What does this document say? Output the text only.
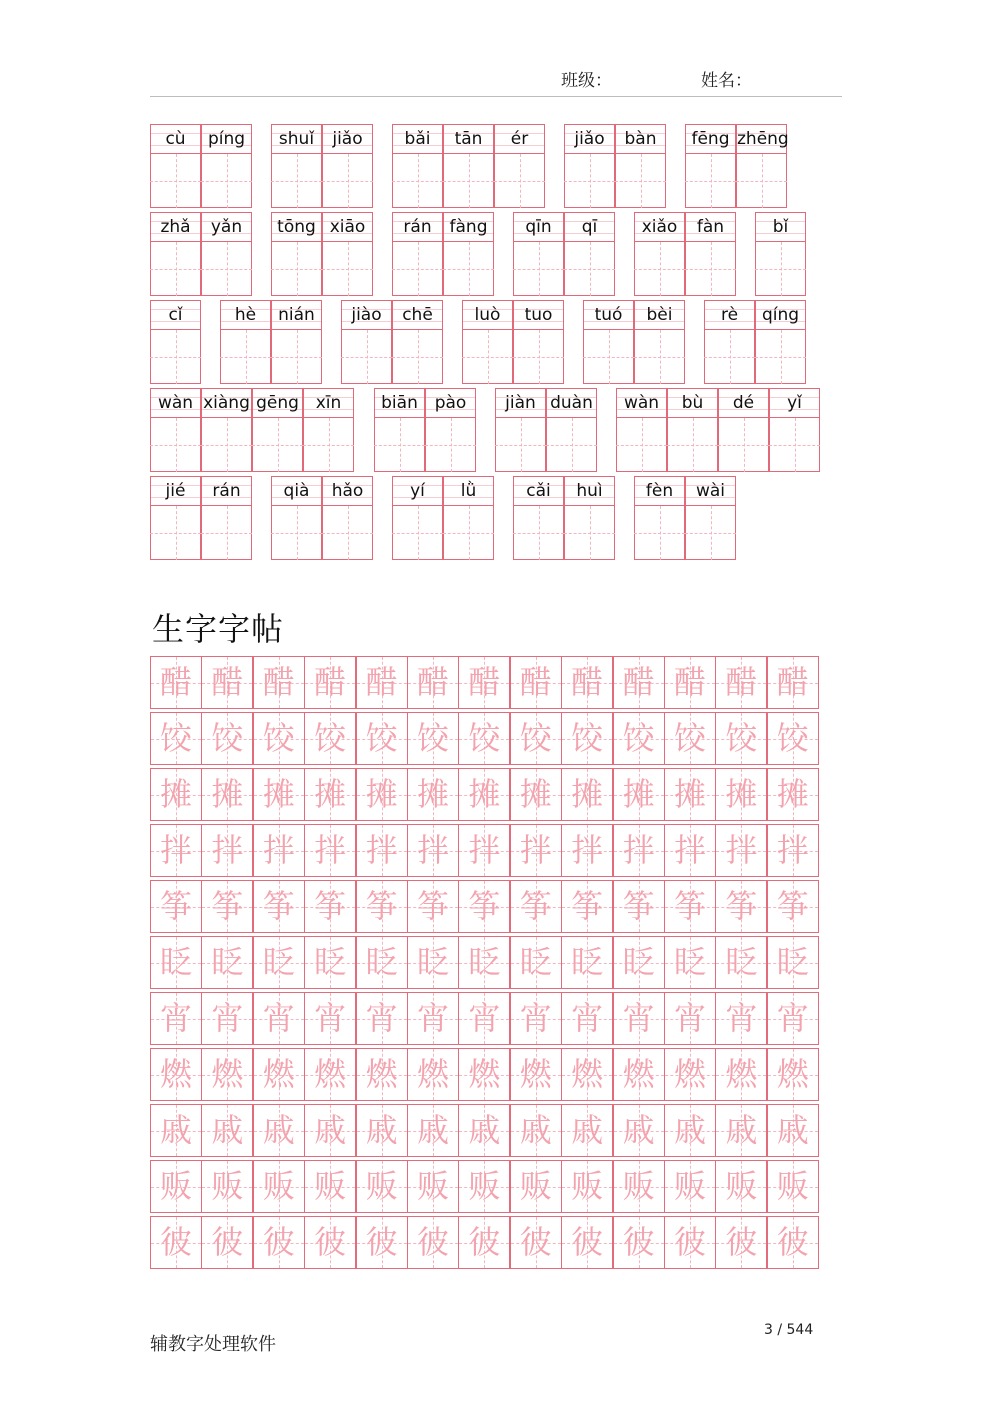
班级：	姓名：
cù	píng	shuǐ	jiǎo	bǎi	tān	ér	jiǎo	bàn	fēng zhēng
zhǎ	yǎn	tōng xiāo	rán	fàng	qīn	qī	xiǎo	fàn	bǐ
cǐ	hè	nián	jiào	chē	luò	tuo	tuó	bèi	rè	qíng
wàn xiàng gēng xīn	biān pào	jiàn duàn	wàn	bù	dé	yǐ
jié	rán	qià	hǎo	yí	lǜ	cǎi	huì	fèn	wài
生字字帖
醋 醋 醋 醋 醋 醋 醋 醋 醋 醋 醋 醋 醋
饺 饺 饺 饺 饺 饺 饺 饺 饺 饺 饺 饺 饺
摊 摊 摊 摊 摊 摊 摊 摊 摊 摊 摊 摊 摊
拌 拌 拌 拌 拌 拌 拌 拌 拌 拌 拌 拌 拌
筝 筝 筝 筝 筝 筝 筝 筝 筝 筝 筝 筝 筝
眨 眨 眨 眨 眨 眨 眨 眨 眨 眨 眨 眨 眨
宵 宵 宵 宵 宵 宵 宵 宵 宵 宵 宵 宵 宵
燃 燃 燃 燃 燃 燃 燃 燃 燃 燃 燃 燃 燃
戚 戚 戚 戚 戚 戚 戚 戚 戚 戚 戚 戚 戚
贩 贩 贩 贩 贩 贩 贩 贩 贩 贩 贩 贩 贩
彼 彼 彼 彼 彼 彼 彼 彼 彼 彼 彼 彼 彼
辅教字处理软件
3 / 544
